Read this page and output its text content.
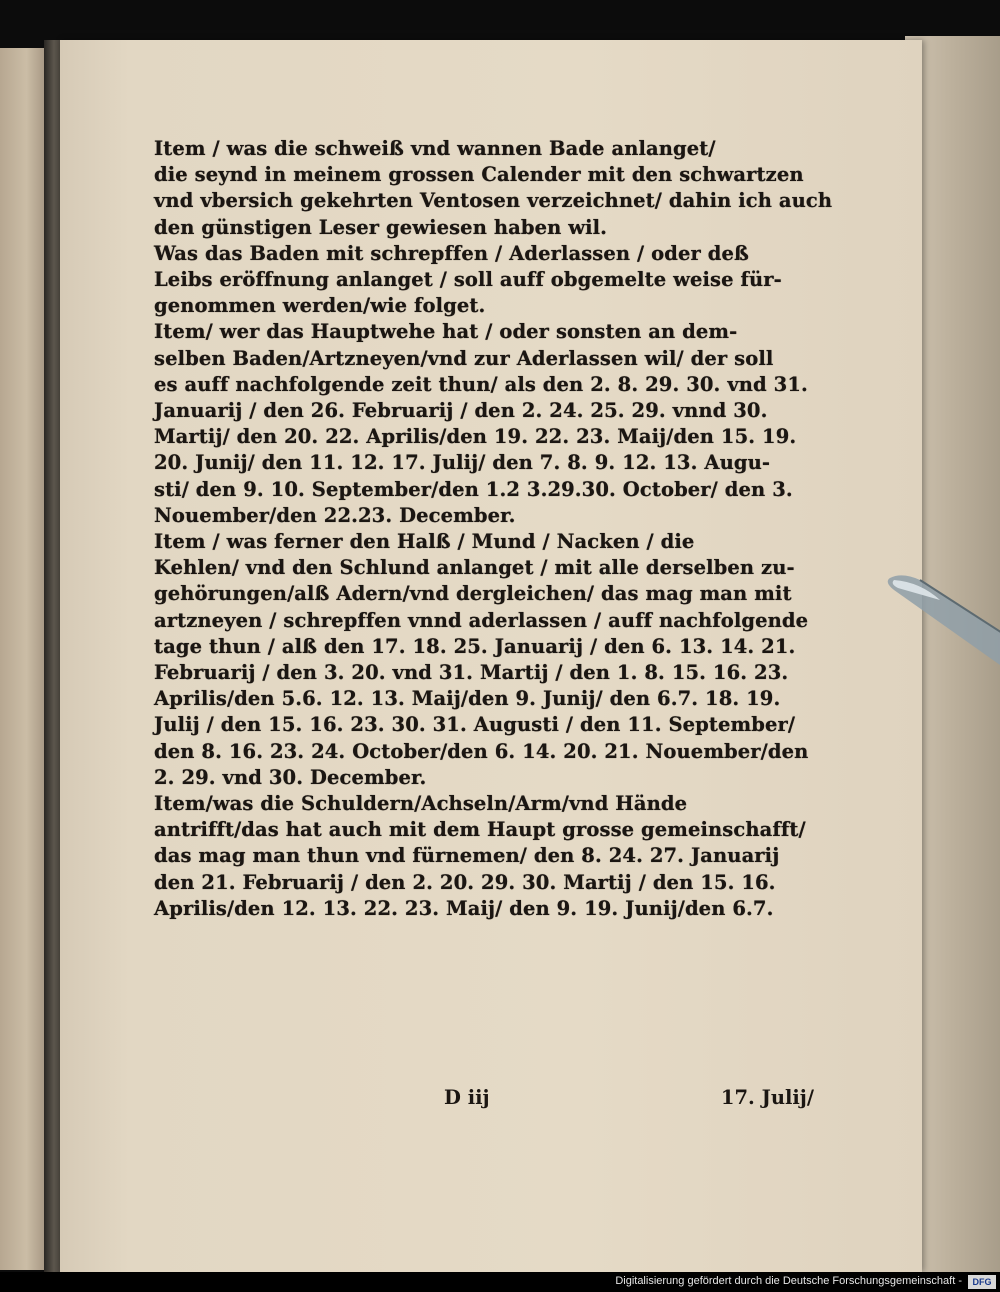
Item / was die schweiß vnd wannen Bade anlanget/
die seynd in meinem grossen Calender mit den schwartzen
vnd vbersich gekehrten Ventosen verzeichnet/ dahin ich auch
den günstigen Leser gewiesen haben wil.
Was das Baden mit schrepffen / Aderlassen / oder deß
Leibs eröffnung anlanget / soll auff obgemelte weise für-
genommen werden/wie folget.
Item/ wer das Hauptwehe hat / oder sonsten an dem-
selben Baden/Artzneyen/vnd zur Aderlassen wil/ der soll
es auff nachfolgende zeit thun/ als den 2. 8. 29. 30. vnd 31.
Januarij / den 26. Februarij / den 2. 24. 25. 29. vnnd 30.
Martij/ den 20. 22. Aprilis/den 19. 22. 23. Maij/den 15. 19.
20. Junij/ den 11. 12. 17. Julij/ den 7. 8. 9. 12. 13. Augu-
sti/ den 9. 10. September/den 1.2 3.29.30. October/ den 3.
Nouember/den 22.23. December.
Item / was ferner den Halß / Mund / Nacken / die
Kehlen/ vnd den Schlund anlanget / mit alle derselben zu-
gehörungen/alß Adern/vnd dergleichen/ das mag man mit
artzneyen / schrepffen vnnd aderlassen / auff nachfolgende
tage thun / alß den 17. 18. 25. Januarij / den 6. 13. 14. 21.
Februarij / den 3. 20. vnd 31. Martij / den 1. 8. 15. 16. 23.
Aprilis/den 5.6. 12. 13. Maij/den 9. Junij/ den 6.7. 18. 19.
Julij / den 15. 16. 23. 30. 31. Augusti / den 11. September/
den 8. 16. 23. 24. October/den 6. 14. 20. 21. Nouember/den
2. 29. vnd 30. December.
Item/was die Schuldern/Achseln/Arm/vnd Hände
antrifft/das hat auch mit dem Haupt grosse gemeinschafft/
das mag man thun vnd fürnemen/ den 8. 24. 27. Januarij
den 21. Februarij / den 2. 20. 29. 30. Martij / den 15. 16.
Aprilis/den 12. 13. 22. 23. Maij/ den 9. 19. Junij/den 6.7.
D iij	17. Julij/
Digitalisierung gefördert durch die Deutsche Forschungsgemeinschaft -	DFG
